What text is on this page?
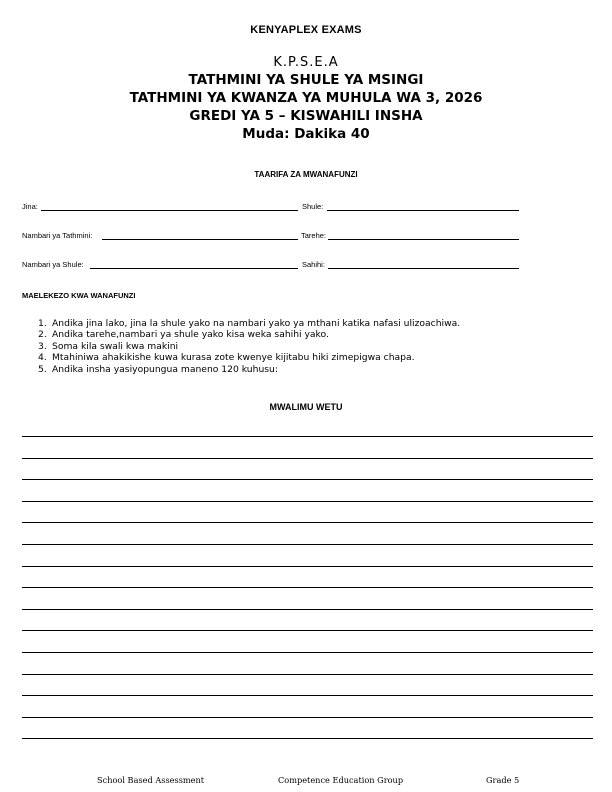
KENYAPLEX EXAMS
K.P.S.E.A
TATHMINI YA SHULE YA MSINGI
TATHMINI YA KWANZA YA MUHULA WA 3, 2026
GREDI YA 5 – KISWAHILI INSHA
Muda: Dakika 40
TAARIFA ZA MWANAFUNZI
Jina:	Shule:
Nambari ya Tathmini:	Tarehe:
Nambari ya Shule:	Sahihi:
MAELEKEZO KWA WANAFUNZI
1. Andika jina lako, jina la shule yako na nambari yako ya mthani katika nafasi ulizoachiwa.
2. Andika tarehe,nambari ya shule yako kisa weka sahihi yako.
3. Soma kila swali kwa makini
4. Mtahiniwa ahakikishe kuwa kurasa zote kwenye kijitabu hiki zimepigwa chapa.
5. Andika insha yasiyopungua maneno 120 kuhusu:
MWALIMU WETU
School Based Assessment	Competence Education Group	Grade 5
